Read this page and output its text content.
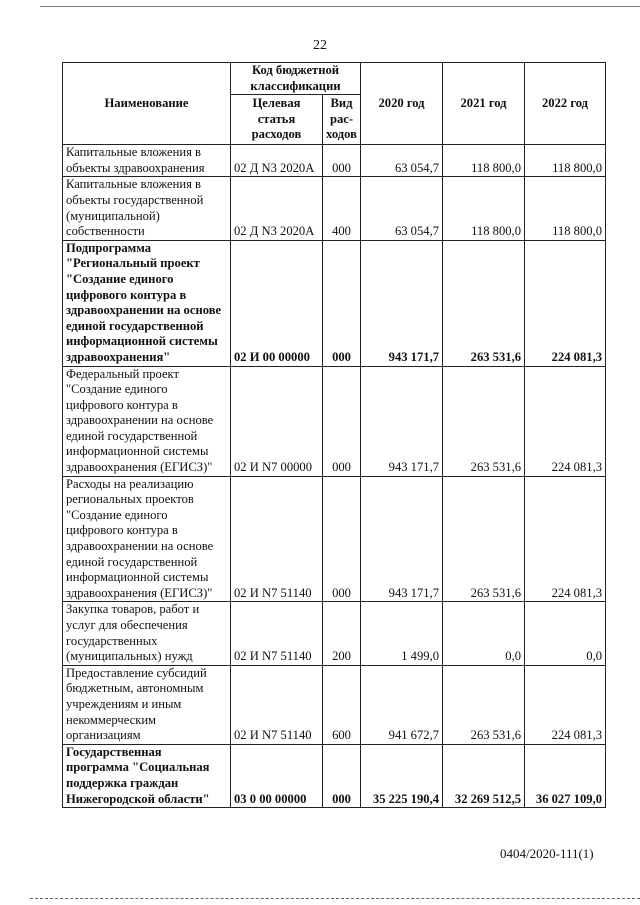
22
Наименование	Код бюджетной классификации		2020 год	2021 год	2022 год
	Целевая статья расходов	Вид рас-ходов			
Капитальные вложения в объекты здравоохранения	02 Д N3 2020A	000	63 054,7	118 800,0	118 800,0
Капитальные вложения в объекты государственной (муниципальной) собственности	02 Д N3 2020A	400	63 054,7	118 800,0	118 800,0
Подпрограмма "Региональный проект "Создание единого цифрового контура в здравоохранении на основе единой государственной информационной системы здравоохранения"	02 И 00 00000	000	943 171,7	263 531,6	224 081,3
Федеральный проект "Создание единого цифрового контура в здравоохранении на основе единой государственной информационной системы здравоохранения (ЕГИСЗ)"	02 И N7 00000	000	943 171,7	263 531,6	224 081,3
Расходы на реализацию региональных проектов "Создание единого цифрового контура в здравоохранении на основе единой государственной информационной системы здравоохранения (ЕГИСЗ)"	02 И N7 51140	000	943 171,7	263 531,6	224 081,3
Закупка товаров, работ и услуг для обеспечения государственных (муниципальных) нужд	02 И N7 51140	200	1 499,0	0,0	0,0
Предоставление субсидий бюджетным, автономным учреждениям и иным некоммерческим организациям	02 И N7 51140	600	941 672,7	263 531,6	224 081,3
Государственная программа "Социальная поддержка граждан Нижегородской области"	03 0 00 00000	000	35 225 190,4	32 269 512,5	36 027 109,0
0404/2020-111(1)
